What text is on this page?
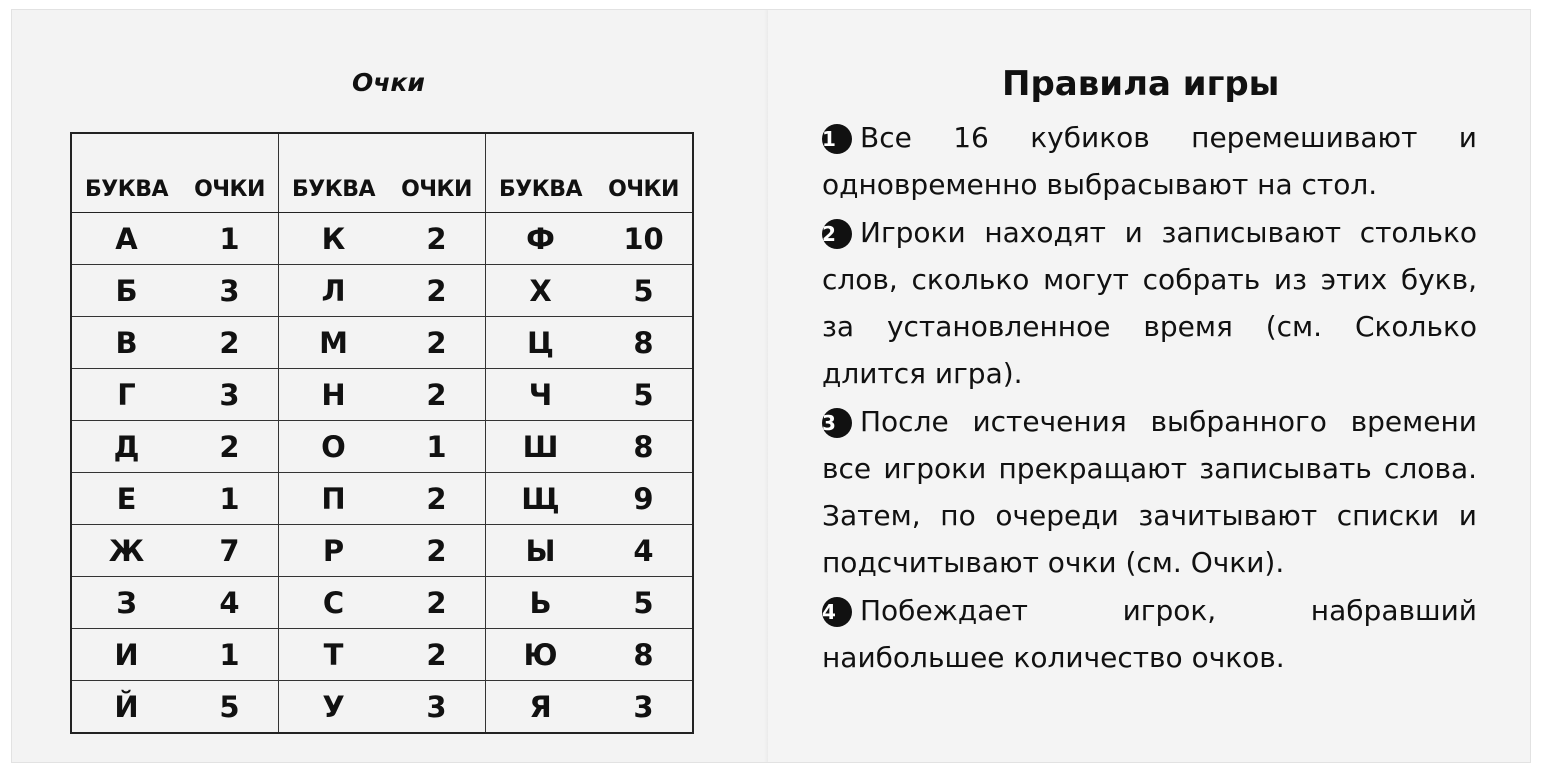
Очки
БУКВА	ОЧКИ	БУКВА	ОЧКИ	БУКВА	ОЧКИ
А	1	К	2	Ф	10
Б	3	Л	2	Х	5
В	2	М	2	Ц	8
Г	3	Н	2	Ч	5
Д	2	О	1	Ш	8
Е	1	П	2	Щ	9
Ж	7	Р	2	Ы	4
З	4	С	2	Ь	5
И	1	Т	2	Ю	8
Й	5	У	3	Я	3
Правила игры

1 Все 16 кубиков перемешивают и одновременно выбрасывают на стол.

2 Игроки находят и записывают столько слов, сколько могут собрать из этих букв, за установленное время (см. Сколько длится игра).

3 После истечения выбранного времени все игроки прекращают записывать слова. Затем, по очереди зачитывают списки и подсчитывают очки (см. Очки).

4 Побеждает игрок, набравший наибольшее количество очков.
